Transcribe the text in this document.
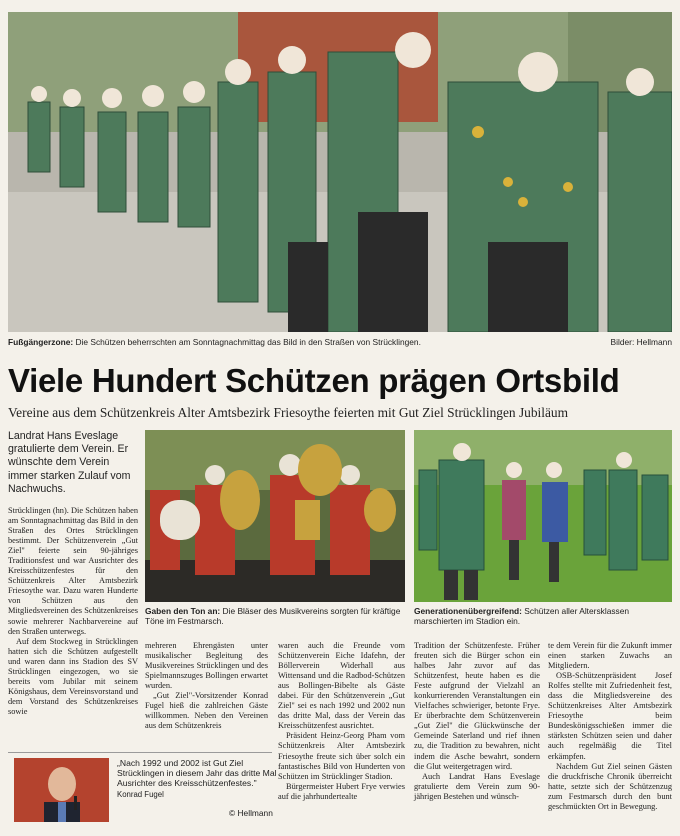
Fußgängerzone: Die Schützen beherrschten am Sonntagnachmittag das Bild in den Straßen von Strücklingen.	Bilder: Hellmann
Viele Hundert Schützen prägen Ortsbild
Vereine aus dem Schützenkreis Alter Amtsbezirk Friesoythe feierten mit Gut Ziel Strücklingen Jubiläum
Landrat Hans Eveslage gratulierte dem Verein. Er wünschte dem Verein immer starken Zulauf vom Nachwuchs.
Gaben den Ton an: Die Bläser des Musikvereins sorgten für kräftige Töne im Festmarsch.
Generationenübergreifend: Schützen aller Altersklassen marschierten im Stadion ein.

Strücklingen (hn). Die Schützen haben am Sonntagnachmittag das Bild in den Straßen des Ortes Strücklingen bestimmt. Der Schützenverein „Gut Ziel" feierte sein 90-jähriges Traditionsfest und war Ausrichter des Kreisschützenfestes für den Schützenkreis Alter Amtsbezirk Friesoythe war. Dazu waren Hunderte von Schützen aus den Mitgliedsvereinen des Schützenkreises sowie mehrerer Nachbarvereine auf den Straßen unterwegs.

Auf dem Stockweg in Strücklingen hatten sich die Schützen aufgestellt und waren dann ins Stadion des SV Strücklingen eingezogen, wo sie bereits vom Jubilar mit seinem Königshaus, dem Vereinsvorstand und dem Vorstand des Schützenkreises sowie

mehreren Ehrengästen unter musikalischer Begleitung des Musikvereines Strücklingen und des Spielmannszuges Bollingen erwartet wurden.

„Gut Ziel"-Vorsitzender Konrad Fugel hieß die zahlreichen Gäste willkommen. Neben den Vereinen aus dem Schützenkreis

waren auch die Freunde vom Schützenverein Eiche Idafehn, der Böllerverein Widerhall aus Wittensand und die Radbod-Schützen aus Bollingen-Bibelte als Gäste dabei. Für den Schützenverein „Gut Ziel" sei es nach 1992 und 2002 nun das dritte Mal, dass der Verein das Kreisschützenfest ausrichtet.

Präsident Heinz-Georg Pham vom Schützenkreis Alter Amtsbezirk Friesoythe freute sich über solch ein fantastisches Bild von Hunderten von Schützen im Strücklinger Stadion.

Bürgermeister Hubert Frye verwies auf die jahrhundertealte

Tradition der Schützenfeste. Früher freuten sich die Bürger schon ein halbes Jahr zuvor auf das Schützenfest, heute haben es die Feste aufgrund der Vielzahl an konkurrierenden Veranstaltungen ein Vielfaches schwieriger, betonte Frye. Er überbrachte dem Schützenverein „Gut Ziel" die Glückwünsche der Gemeinde Saterland und rief ihnen zu, die Tradition zu bewahren, nicht indem die Asche bewahrt, sondern die Glut weitergetragen wird.

Auch Landrat Hans Eveslage gratulierte dem Verein zum 90-jährigen Bestehen und wünsch-

te dem Verein für die Zukunft immer einen starken Zuwachs an Mitgliedern.

OSB-Schützenpräsident Josef Rolfes stellte mit Zufriedenheit fest, dass die Mitgliedsvereine des Schützenkreises Alter Amtsbezirk Friesoythe beim Bundeskönigsschießen immer die stärksten Schützen seien und daher auch regelmäßig die Titel erkämpfen.

Nachdem Gut Ziel seinen Gästen die druckfrische Chronik überreicht hatte, setzte sich der Schützenzug zum Festmarsch durch den bunt geschmückten Ort in Bewegung.

„Nach 1992 und 2002 ist Gut Ziel Strücklingen in diesem Jahr das dritte Mal Ausrichter des Kreisschützenfestes."
Konrad Fugel
© Hellmann
